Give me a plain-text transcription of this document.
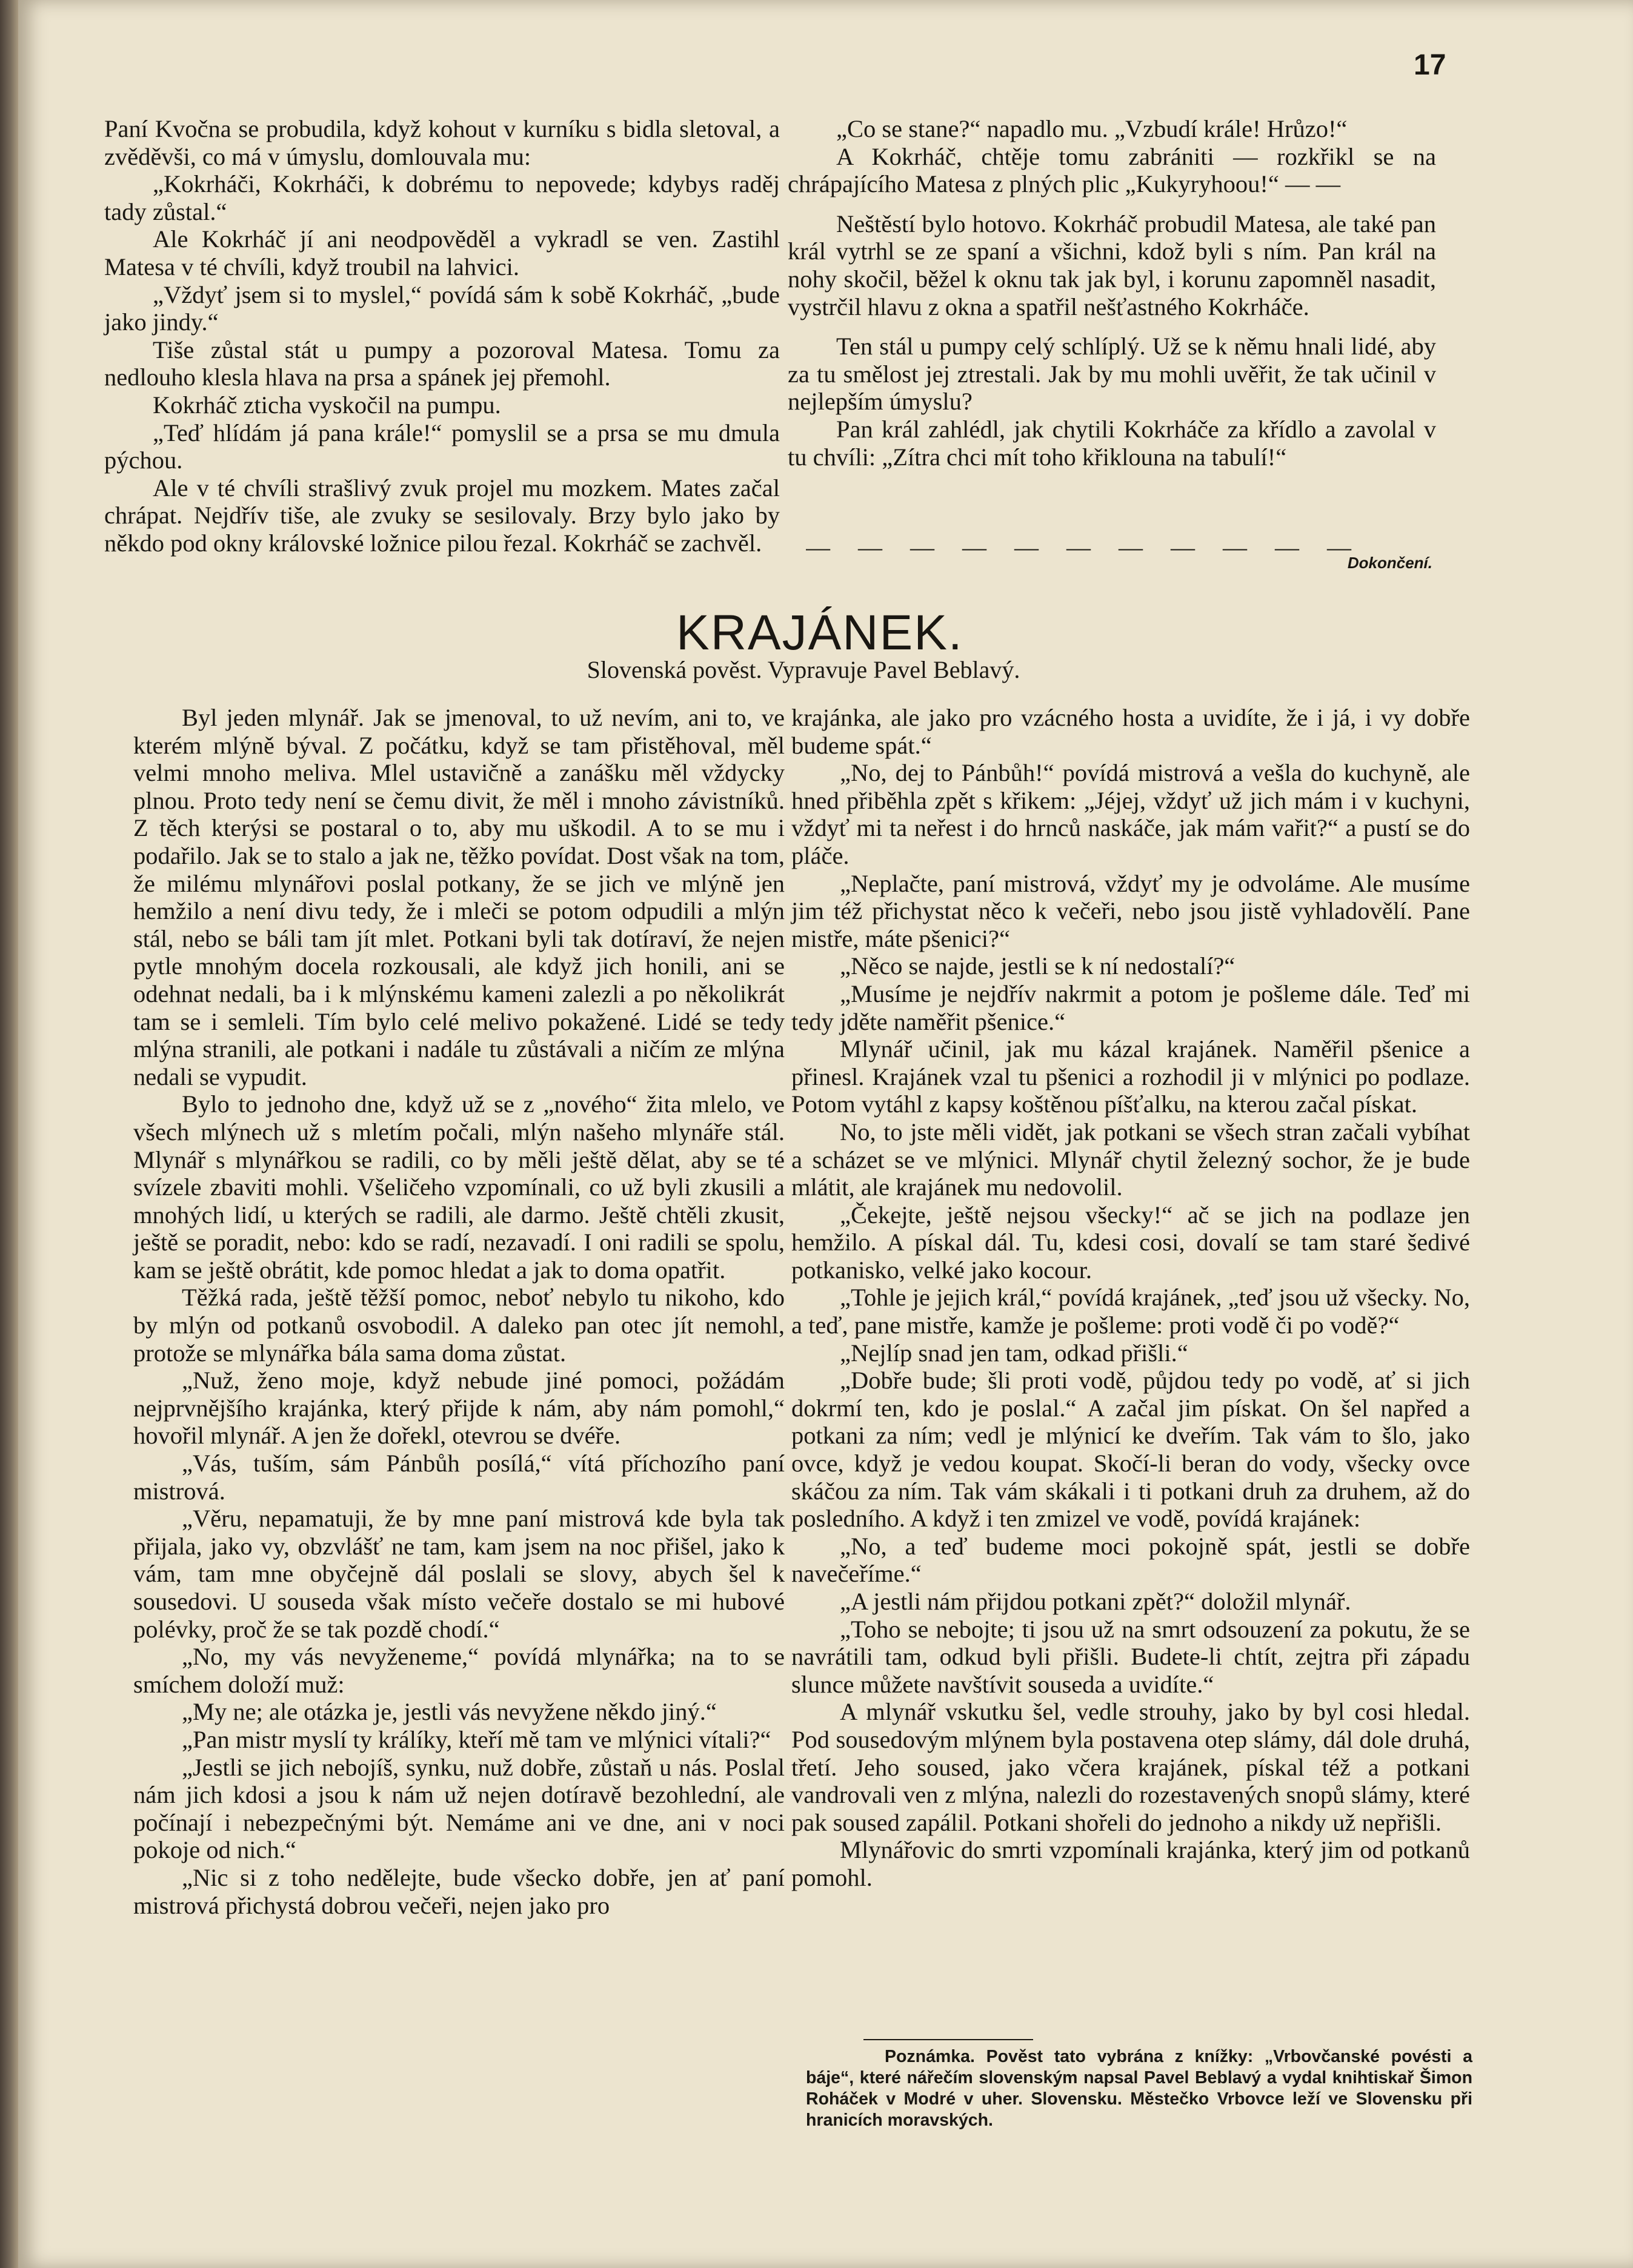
17

Paní Kvočna se probudila, když kohout v kurníku s bidla sletoval, a zvěděvši, co má v úmyslu, domlouvala mu:

„Kokrháči, Kokrháči, k dobrému to nepovede; kdybys raděj tady zůstal.“

Ale Kokrháč jí ani neodpověděl a vykradl se ven. Zastihl Matesa v té chvíli, když troubil na lahvici.

„Vždyť jsem si to myslel,“ povídá sám k sobě Kokrháč, „bude jako jindy.“

Tiše zůstal stát u pumpy a pozoroval Matesa. Tomu za nedlouho klesla hlava na prsa a spánek jej přemohl.

Kokrháč zticha vyskočil na pumpu.

„Teď hlídám já pana krále!“ pomyslil se a prsa se mu dmula pýchou.

Ale v té chvíli strašlivý zvuk projel mu mozkem. Mates začal chrápat. Nejdřív tiše, ale zvuky se sesilovaly. Brzy bylo jako by někdo pod okny královské ložnice pilou řezal. Kokrháč se zachvěl.

„Co se stane?“ napadlo mu. „Vzbudí krále! Hrůzo!“

A Kokrháč, chtěje tomu zabrániti — rozkřikl se na chrápajícího Matesa z plných plic „Kukyryhoou!“ — —

Neštěstí bylo hotovo. Kokrháč probudil Matesa, ale také pan král vytrhl se ze spaní a všichni, kdož byli s ním. Pan král na nohy skočil, běžel k oknu tak jak byl, i korunu zapomněl nasadit, vystrčil hlavu z okna a spatřil nešťastného Kokrháče.

Ten stál u pumpy celý schlíplý. Už se k němu hnali lidé, aby za tu smělost jej ztrestali. Jak by mu mohli uvěřit, že tak učinil v nejlepším úmyslu?

Pan král zahlédl, jak chytili Kokrháče za křídlo a zavolal v tu chvíli: „Zítra chci mít toho křiklouna na tabulí!“

— — — — — — — — — — —
Dokončení.
KRAJÁNEK.
Slovenská pověst. Vypravuje Pavel Beblavý.

Byl jeden mlynář. Jak se jmenoval, to už nevím, ani to, ve kterém mlýně býval. Z počátku, když se tam přistěhoval, měl velmi mnoho meliva. Mlel ustavičně a zanášku měl vždycky plnou. Proto tedy není se čemu divit, že měl i mnoho závistníků. Z těch kterýsi se postaral o to, aby mu uškodil. A to se mu i podařilo. Jak se to stalo a jak ne, těžko povídat. Dost však na tom, že milému mlynářovi poslal potkany, že se jich ve mlýně jen hemžilo a není divu tedy, že i mleči se potom odpudili a mlýn stál, nebo se báli tam jít mlet. Potkani byli tak dotíraví, že nejen pytle mnohým docela rozkousali, ale když jich honili, ani se odehnat nedali, ba i k mlýnskému kameni zalezli a po několikrát tam se i semleli. Tím bylo celé melivo pokažené. Lidé se tedy mlýna stranili, ale potkani i nadále tu zůstávali a ničím ze mlýna nedali se vypudit.

Bylo to jednoho dne, když už se z „nového“ žita mlelo, ve všech mlýnech už s mletím počali, mlýn našeho mlynáře stál. Mlynář s mlynářkou se radili, co by měli ještě dělat, aby se té svízele zbaviti mohli. Všeličeho vzpomínali, co už byli zkusili a mnohých lidí, u kterých se radili, ale darmo. Ještě chtěli zkusit, ještě se poradit, nebo: kdo se radí, nezavadí. I oni radili se spolu, kam se ještě obrátit, kde pomoc hledat a jak to doma opatřit.

Těžká rada, ještě těžší pomoc, neboť nebylo tu nikoho, kdo by mlýn od potkanů osvobodil. A daleko pan otec jít nemohl, protože se mlynářka bála sama doma zůstat.

„Nuž, ženo moje, když nebude jiné pomoci, požádám nejprvnějšího krajánka, který přijde k nám, aby nám pomohl,“ hovořil mlynář. A jen že dořekl, otevrou se dvéře.

„Vás, tuším, sám Pánbůh posílá,“ vítá příchozího paní mistrová.

„Věru, nepamatuji, že by mne paní mistrová kde byla tak přijala, jako vy, obzvlášť ne tam, kam jsem na noc přišel, jako k vám, tam mne obyčejně dál poslali se slovy, abych šel k sousedovi. U souseda však místo večeře dostalo se mi hubové polévky, proč že se tak pozdě chodí.“

„No, my vás nevyženeme,“ povídá mlynářka; na to se smíchem doloží muž:

„My ne; ale otázka je, jestli vás nevyžene někdo jiný.“

„Pan mistr myslí ty králíky, kteří mě tam ve mlýnici vítali?“

„Jestli se jich nebojíš, synku, nuž dobře, zůstaň u nás. Poslal nám jich kdosi a jsou k nám už nejen dotíravě bezohlední, ale počínají i nebezpečnými být. Nemáme ani ve dne, ani v noci pokoje od nich.“

„Nic si z toho nedělejte, bude všecko dobře, jen ať paní mistrová přichystá dobrou večeři, nejen jako pro

krajánka, ale jako pro vzácného hosta a uvidíte, že i já, i vy dobře budeme spát.“

„No, dej to Pánbůh!“ povídá mistrová a vešla do kuchyně, ale hned přiběhla zpět s křikem: „Jéjej, vždyť už jich mám i v kuchyni, vždyť mi ta neřest i do hrnců naskáče, jak mám vařit?“ a pustí se do pláče.

„Neplačte, paní mistrová, vždyť my je odvoláme. Ale musíme jim též přichystat něco k večeři, nebo jsou jistě vyhladovělí. Pane mistře, máte pšenici?“

„Něco se najde, jestli se k ní nedostalí?“

„Musíme je nejdřív nakrmit a potom je pošleme dále. Teď mi tedy jděte naměřit pšenice.“

Mlynář učinil, jak mu kázal krajánek. Naměřil pšenice a přinesl. Krajánek vzal tu pšenici a rozhodil ji v mlýnici po podlaze. Potom vytáhl z kapsy koštěnou píšťalku, na kterou začal pískat.

No, to jste měli vidět, jak potkani se všech stran začali vybíhat a scházet se ve mlýnici. Mlynář chytil železný sochor, že je bude mlátit, ale krajánek mu nedovolil.

„Čekejte, ještě nejsou všecky!“ ač se jich na podlaze jen hemžilo. A pískal dál. Tu, kdesi cosi, dovalí se tam staré šedivé potkanisko, velké jako kocour.

„Tohle je jejich král,“ povídá krajánek, „teď jsou už všecky. No, a teď, pane mistře, kamže je pošleme: proti vodě či po vodě?“

„Nejlíp snad jen tam, odkad přišli.“

„Dobře bude; šli proti vodě, půjdou tedy po vodě, ať si jich dokrmí ten, kdo je poslal.“ A začal jim pískat. On šel napřed a potkani za ním; vedl je mlýnicí ke dveřím. Tak vám to šlo, jako ovce, když je vedou koupat. Skočí-li beran do vody, všecky ovce skáčou za ním. Tak vám skákali i ti potkani druh za druhem, až do posledního. A když i ten zmizel ve vodě, povídá krajánek:

„No, a teď budeme moci pokojně spát, jestli se dobře navečeříme.“

„A jestli nám přijdou potkani zpět?“ doložil mlynář.

„Toho se nebojte; ti jsou už na smrt odsouzení za pokutu, že se navrátili tam, odkud byli přišli. Budete-li chtít, zejtra při západu slunce můžete navštívit souseda a uvidíte.“

A mlynář vskutku šel, vedle strouhy, jako by byl cosi hledal. Pod sousedovým mlýnem byla postavena otep slámy, dál dole druhá, třetí. Jeho soused, jako včera krajánek, pískal též a potkani vandrovali ven z mlýna, nalezli do rozestavených snopů slámy, které pak soused zapálil. Potkani shořeli do jednoho a nikdy už nepřišli.

Mlynářovic do smrti vzpomínali krajánka, který jim od potkanů pomohl.

Poznámka. Pověst tato vybrána z knížky: „Vrbovčanské povésti a báje“, které nářečím slovenským napsal Pavel Beblavý a vydal knihtiskař Šimon Roháček v Modré v uher. Slovensku. Městečko Vrbovce leží ve Slovensku při hranicích moravských.
